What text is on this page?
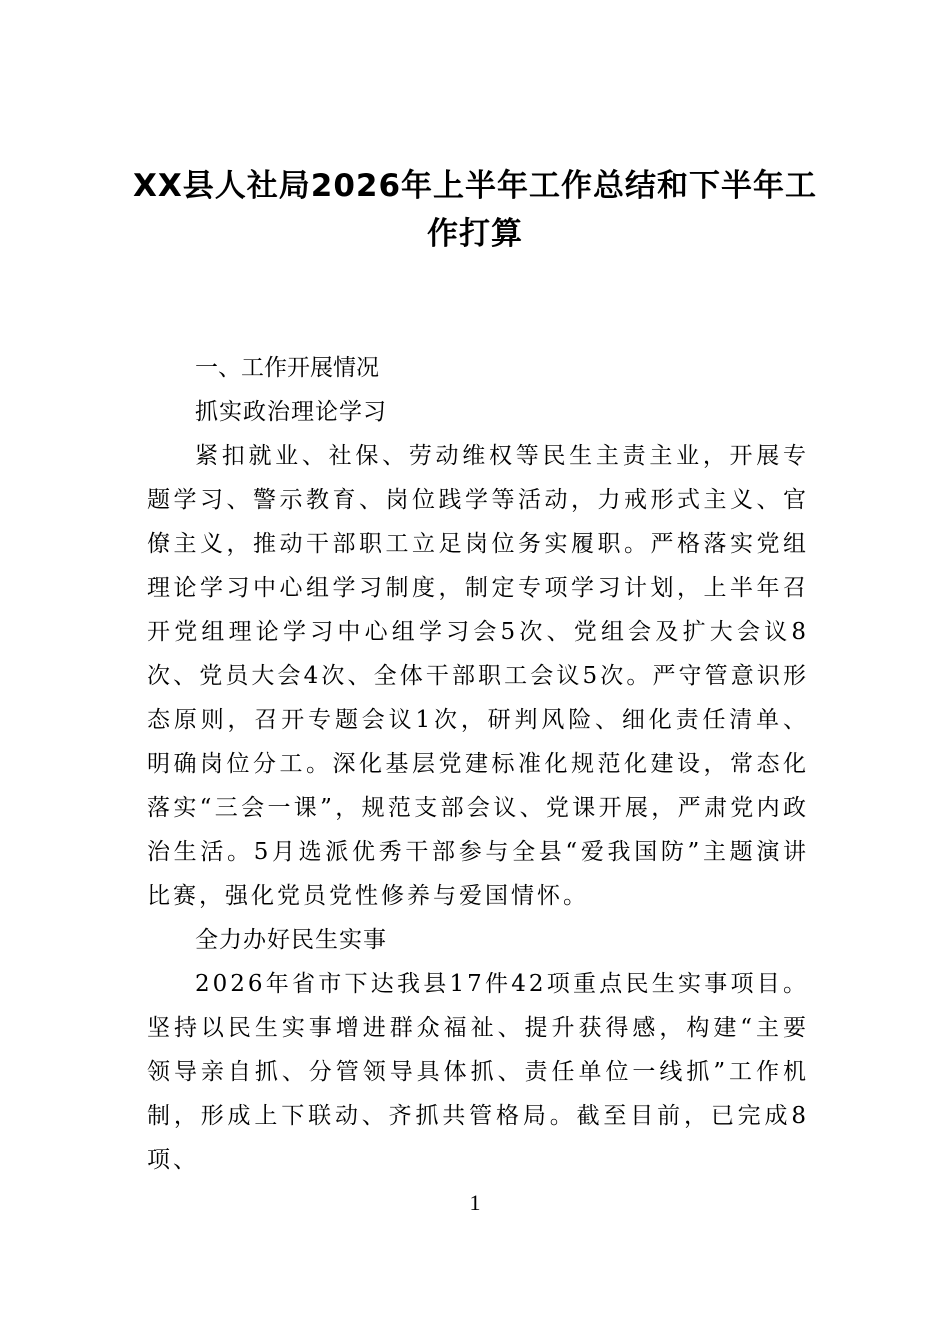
XX县人社局2026年上半年工作总结和下半年工作打算

一、工作开展情况

抓实政治理论学习

紧扣就业、社保、劳动维权等民生主责主业，开展专题学习、警示教育、岗位践学等活动，力戒形式主义、官僚主义，推动干部职工立足岗位务实履职。严格落实党组理论学习中心组学习制度，制定专项学习计划，上半年召开党组理论学习中心组学习会5次、党组会及扩大会议8次、党员大会4次、全体干部职工会议5次。严守管意识形态原则，召开专题会议1次，研判风险、细化责任清单、明确岗位分工。深化基层党建标准化规范化建设，常态化落实“三会一课”，规范支部会议、党课开展，严肃党内政治生活。5月选派优秀干部参与全县“爱我国防”主题演讲比赛，强化党员党性修养与爱国情怀。

全力办好民生实事

2026年省市下达我县17件42项重点民生实事项目。坚持以民生实事增进群众福祉、提升获得感，构建“主要领导亲自抓、分管领导具体抓、责任单位一线抓”工作机制，形成上下联动、齐抓共管格局。截至目前，已完成8项、

1
